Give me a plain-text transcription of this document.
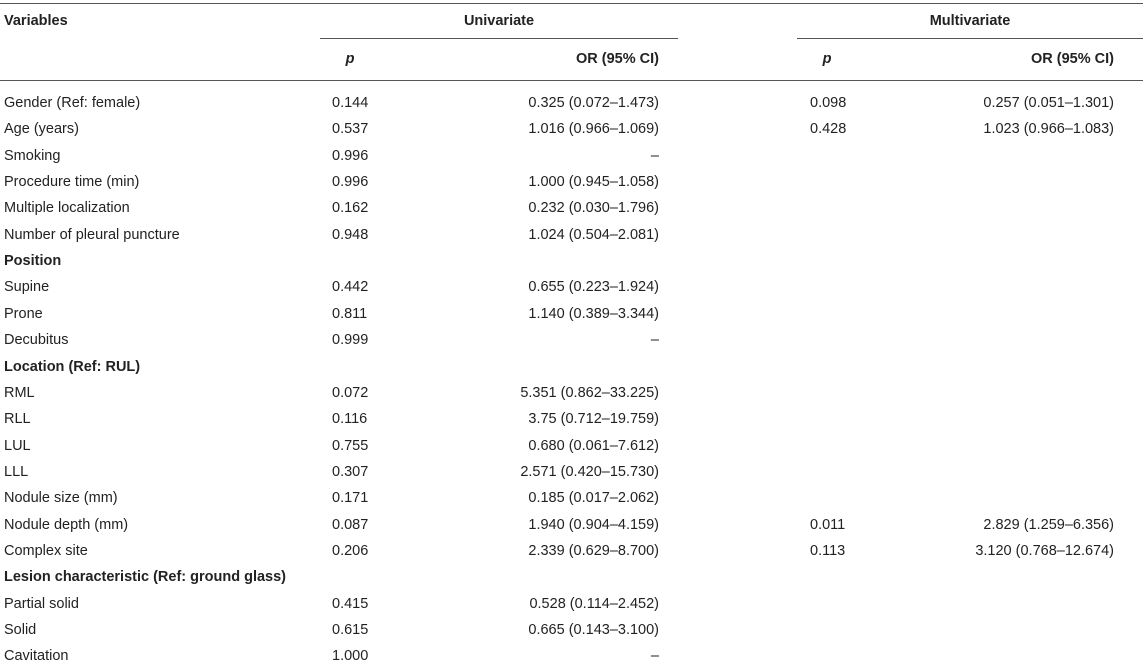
Variables	Univariate	Multivariate
p	OR (95% CI)	p	OR (95% CI)
Gender (Ref: female)	0.144	0.325 (0.072–1.473)	0.098	0.257 (0.051–1.301)
Age (years)	0.537	1.016 (0.966–1.069)	0.428	1.023 (0.966–1.083)
Smoking	0.996	–
Procedure time (min)	0.996	1.000 (0.945–1.058)
Multiple localization	0.162	0.232 (0.030–1.796)
Number of pleural puncture	0.948	1.024 (0.504–2.081)
Position
Supine	0.442	0.655 (0.223–1.924)
Prone	0.811	1.140 (0.389–3.344)
Decubitus	0.999	–
Location (Ref: RUL)
RML	0.072	5.351 (0.862–33.225)
RLL	0.116	3.75 (0.712–19.759)
LUL	0.755	0.680 (0.061–7.612)
LLL	0.307	2.571 (0.420–15.730)
Nodule size (mm)	0.171	0.185 (0.017–2.062)
Nodule depth (mm)	0.087	1.940 (0.904–4.159)	0.011	2.829 (1.259–6.356)
Complex site	0.206	2.339 (0.629–8.700)	0.113	3.120 (0.768–12.674)
Lesion characteristic (Ref: ground glass)
Partial solid	0.415	0.528 (0.114–2.452)
Solid	0.615	0.665 (0.143–3.100)
Cavitation	1.000	–
